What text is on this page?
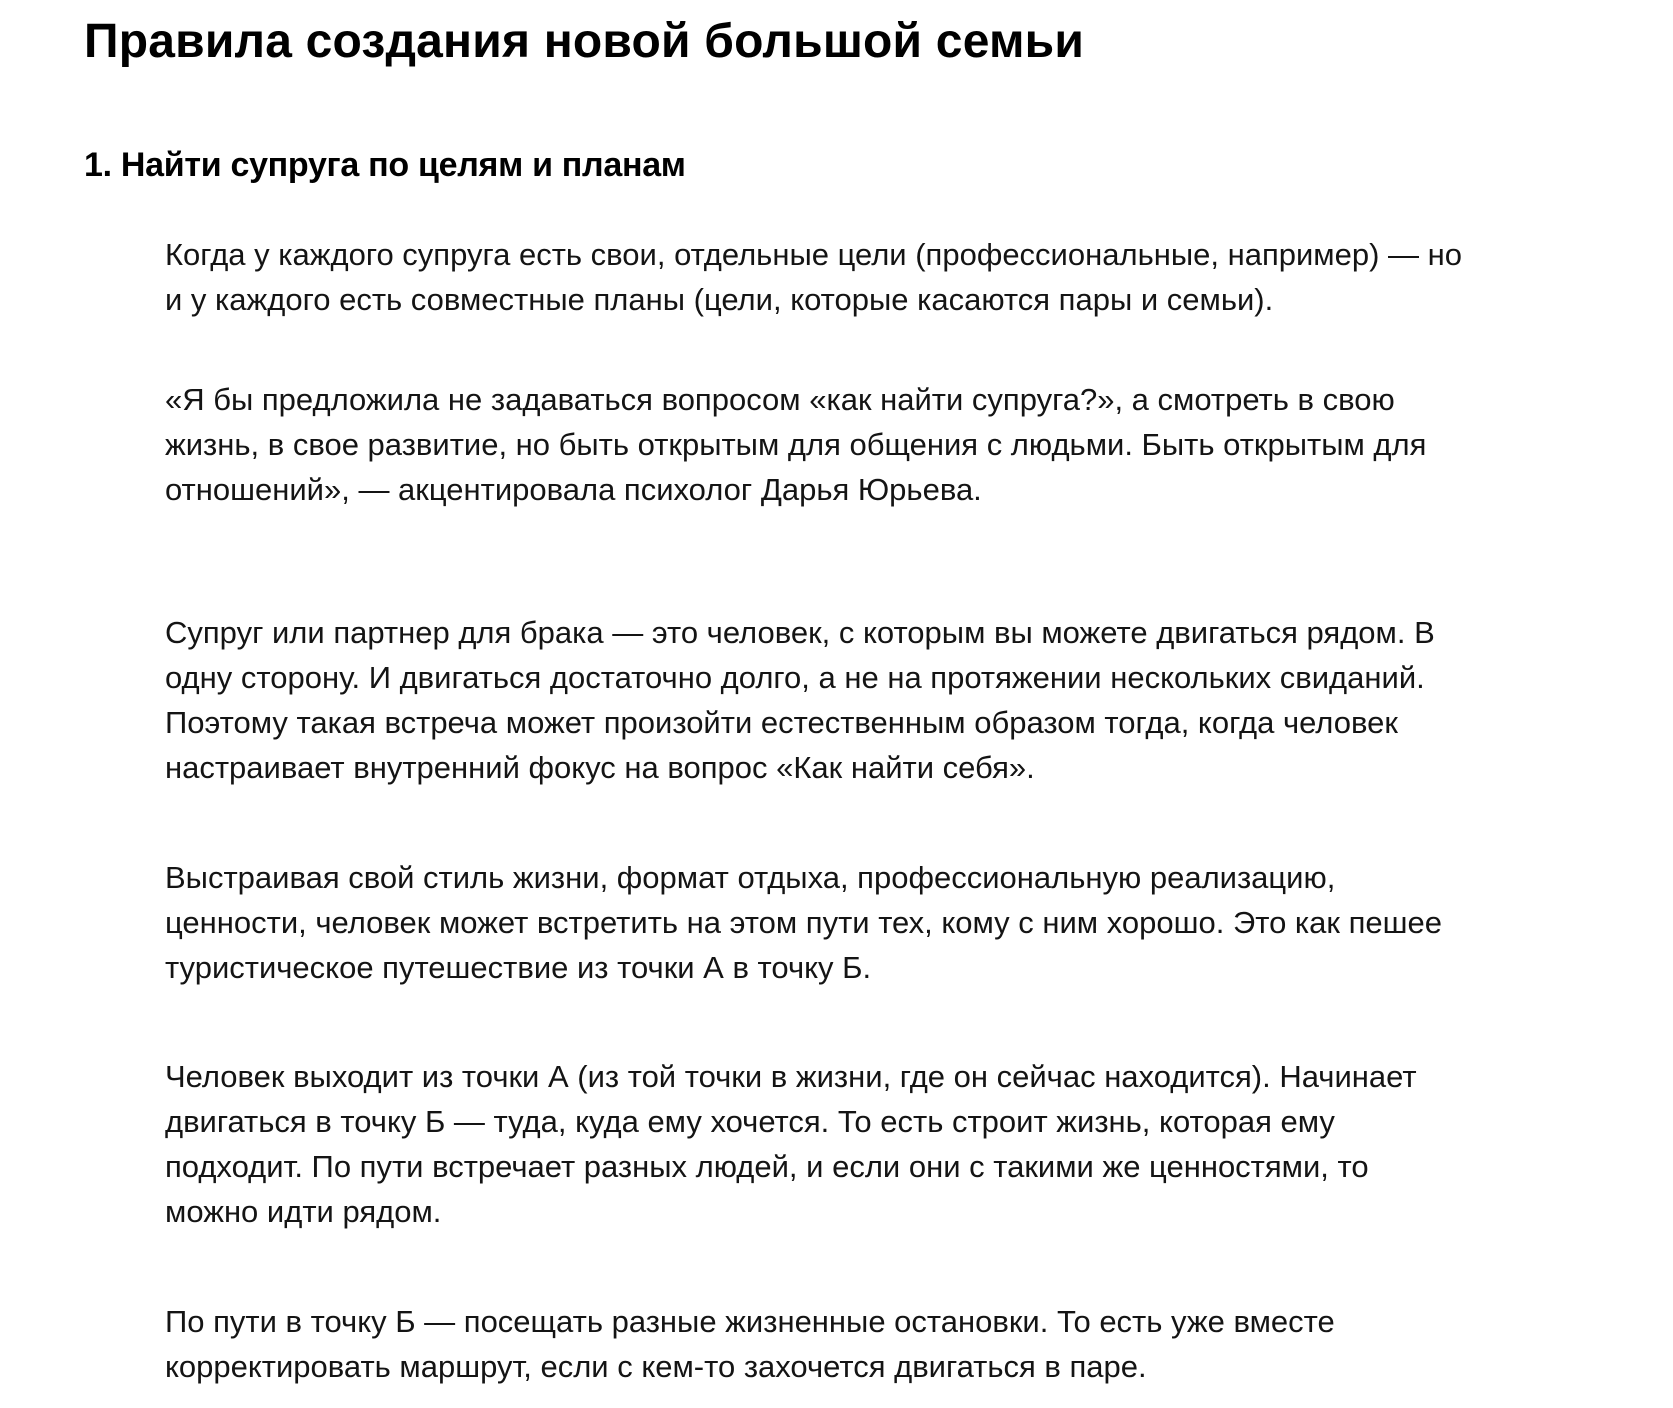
Правила создания новой большой семьи
1. Найти супруга по целям и планам

Когда у каждого супруга есть свои, отдельные цели (профессиональные, например) — но
и у каждого есть совместные планы (цели, которые касаются пары и семьи).

«Я бы предложила не задаваться вопросом «как найти супруга?», а смотреть в свою
жизнь, в свое развитие, но быть открытым для общения с людьми. Быть открытым для
отношений», — акцентировала психолог Дарья Юрьева.

Супруг или партнер для брака — это человек, с которым вы можете двигаться рядом. В
одну сторону. И двигаться достаточно долго, а не на протяжении нескольких свиданий.
Поэтому такая встреча может произойти естественным образом тогда, когда человек
настраивает внутренний фокус на вопрос «Как найти себя».

Выстраивая свой стиль жизни, формат отдыха, профессиональную реализацию,
ценности, человек может встретить на этом пути тех, кому с ним хорошо. Это как пешее
туристическое путешествие из точки А в точку Б.

Человек выходит из точки А (из той точки в жизни, где он сейчас находится). Начинает
двигаться в точку Б — туда, куда ему хочется. То есть строит жизнь, которая ему
подходит. По пути встречает разных людей, и если они с такими же ценностями, то
можно идти рядом.

По пути в точку Б — посещать разные жизненные остановки. То есть уже вместе
корректировать маршрут, если с кем-то захочется двигаться в паре.
